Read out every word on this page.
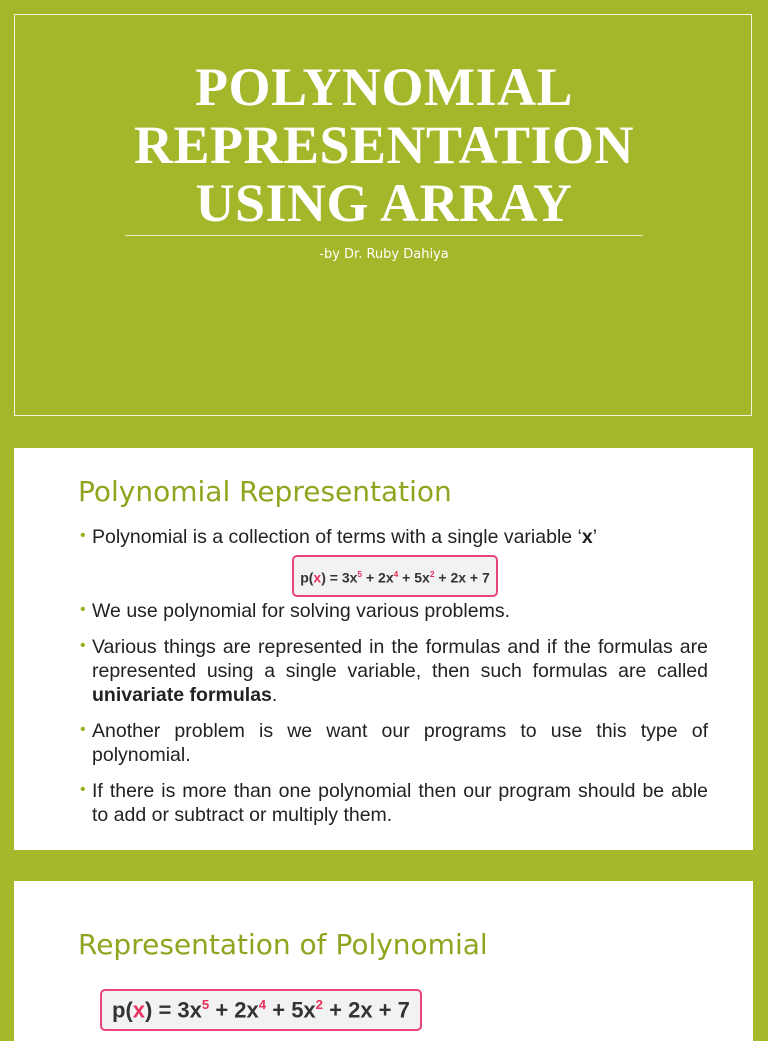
POLYNOMIAL
REPRESENTATION
USING ARRAY
-by Dr. Ruby Dahiya
Polynomial Representation
• Polynomial is a collection of terms with a single variable ‘x’
$p(x) = 3x^5 + 2x^4 + 5x^2 + 2x + 7$
• We use polynomial for solving various problems.
• Various things are represented in the formulas and if the formulas are represented using a single variable, then such formulas are called univariate formulas.
• Another problem is we want our programs to use this type of polynomial.
• If there is more than one polynomial then our program should be able to add or subtract or multiply them.
Representation of Polynomial
$p(x) = 3x^5 + 2x^4 + 5x^2 + 2x + 7$
